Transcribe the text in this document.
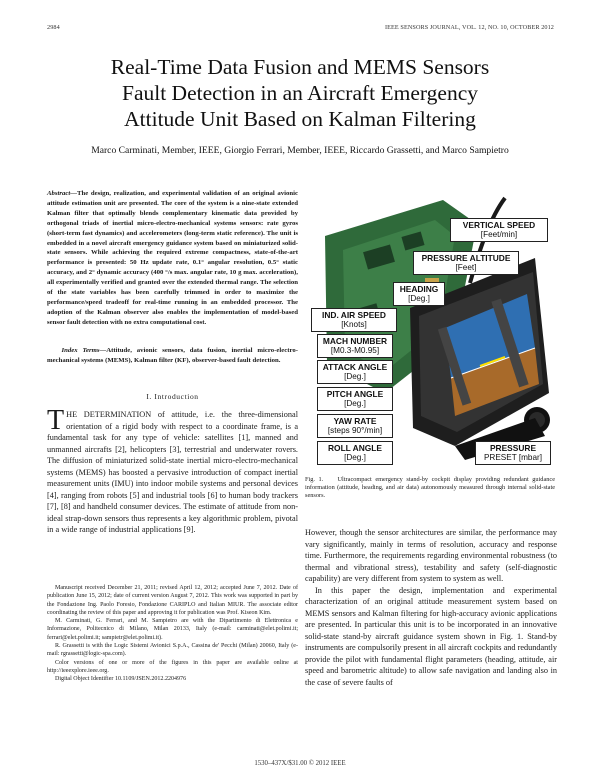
2984	IEEE SENSORS JOURNAL, VOL. 12, NO. 10, OCTOBER 2012
Real-Time Data Fusion and MEMS Sensors
Fault Detection in an Aircraft Emergency
Attitude Unit Based on Kalman Filtering
Marco Carminati, Member, IEEE, Giorgio Ferrari, Member, IEEE, Riccardo Grassetti, and Marco Sampietro
Abstract—The design, realization, and experimental validation of an original avionic attitude estimation unit are presented. The core of the system is a nine-state extended Kalman filter that optimally blends complementary kinematic data provided by orthogonal triads of inertial micro-electro-mechanical systems sensors: rate gyros (short-term fast dynamics) and accelerometers (long-term static reference). The unit is embedded in a novel aircraft emergency guidance system based on miniaturized solid-state sensors. While achieving the required extreme compactness, state-of-the-art performance is presented: 50 Hz update rate, 0.1° angular resolution, 0.5° static accuracy, and 2° dynamic accuracy (400 °/s max. angular rate, 10 g max. acceleration), all experimentally verified and granted over the extended thermal range. The selection of the state variables has been carefully trimmed in order to maximize the performance/speed tradeoff for real-time running in an embedded processor. The adoption of the Kalman observer also enables the implementation of model-based sensor fault detection with no extra computational cost.
Index Terms—Attitude, avionic sensors, data fusion, inertial micro-electro-mechanical systems (MEMS), Kalman filter (KF), observer-based fault detection.
I. Introduction
THE DETERMINATION of attitude, i.e. the three-dimensional orientation of a rigid body with respect to a coordinate frame, is a fundamental task for any type of vehicle: satellites [1], manned and unmanned aircrafts [2], helicopters [3], terrestrial and underwater rovers. The diffusion of miniaturized solid-state inertial micro-electro-mechanical systems (MEMS) has boosted a pervasive introduction of compact inertial measurement units (IMU) into indoor mobile systems and personal devices [4], ranging from robots [5] and industrial tools [6] to human body trackers [7], [8] and handheld consumer devices. The estimate of attitude from non-ideal strap-down sensors thus represents a key algorithmic problem, pivotal in a wide range of industrial applications [9].

Manuscript received December 21, 2011; revised April 12, 2012; accepted June 7, 2012. Date of publication June 15, 2012; date of current version August 7, 2012. This work was supported in part by the Fondazione Ing. Paolo Foresio, Fondazione CARIPLO and Italian MIUR. The associate editor coordinating the review of this paper and approving it for publication was Prof. Kiseon Kim.

M. Carminati, G. Ferrari, and M. Sampietro are with the Dipartimento di Elettronica e Informazione, Politecnico di Milano, Milan 20133, Italy (e-mail: carminati@elet.polimi.it; ferrari@elet.polimi.it; sampietr@elet.polimi.it).

R. Grassetti is with the Logic Sistemi Avionici S.p.A., Cassina de' Pecchi (Milan) 20060, Italy (e-mail: rgrassetti@logic-spa.com).

Color versions of one or more of the figures in this paper are available online at http://ieeexplore.ieee.org.

Digital Object Identifier 10.1109/JSEN.2012.2204976

VERTICAL SPEED
[Feet/min]
PRESSURE ALTITUDE
[Feet]
HEADING
[Deg.]
IND. AIR SPEED
[Knots]
MACH NUMBER
[M0.3-M0.95]
ATTACK ANGLE
[Deg.]
PITCH ANGLE
[Deg.]
YAW RATE
[steps 90°/min]
ROLL ANGLE
[Deg.]
PRESSURE
PRESET [mbar]
Fig. 1. Ultracompact emergency stand-by cockpit display providing redundant guidance information (attitude, heading, and air data) autonomously measured through internal solid-state sensors.

However, though the sensor architectures are similar, the performance may vary significantly, mainly in terms of resolution, accuracy and response time. Furthermore, the requirements regarding environmental robustness (to thermal and vibrational stress), testability and safety (self-diagnostic capability) are very different from system to system as well.

In this paper the design, implementation and experimental characterization of an original attitude measurement system based on MEMS sensors and Kalman filtering for high-accuracy avionic applications are presented. In particular this unit is to be incorporated in an innovative solid-state stand-by aircraft guidance system shown in Fig. 1. Stand-by instruments are compulsorily present in all aircraft cockpits and redundantly provide the pilot with fundamental flight parameters (heading, attitude, air speed and barometric altitude) to allow safe navigation and landing also in the case of severe faults of

1530–437X/$31.00 © 2012 IEEE
